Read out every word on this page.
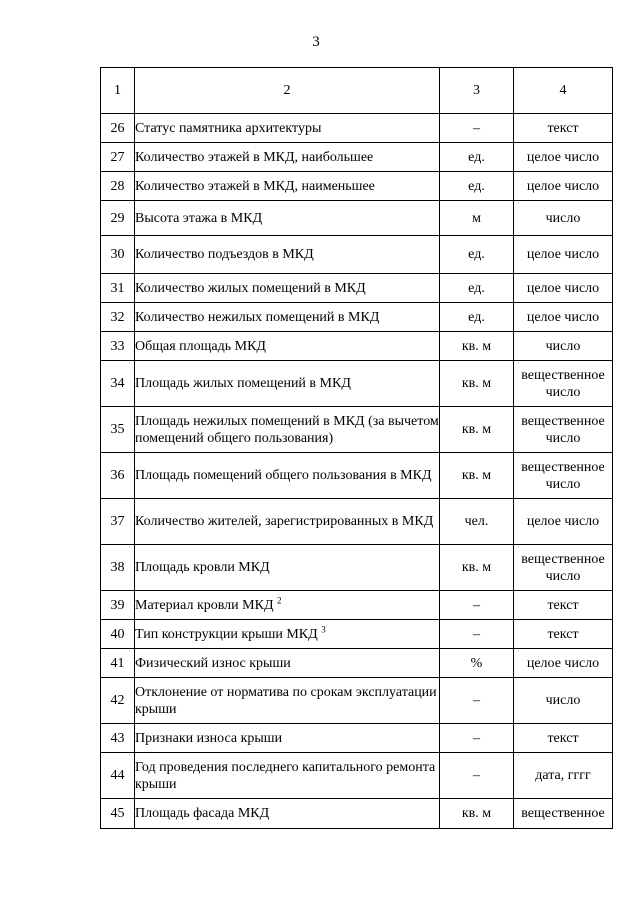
3
1	2	3	4
26	Статус памятника архитектуры	–	текст
27	Количество этажей в МКД, наибольшее	ед.	целое число
28	Количество этажей в МКД, наименьшее	ед.	целое число
29	Высота этажа в МКД	м	число
30	Количество подъездов в МКД	ед.	целое число
31	Количество жилых помещений в МКД	ед.	целое число
32	Количество нежилых помещений в МКД	ед.	целое число
33	Общая площадь МКД	кв. м	число
34	Площадь жилых помещений в МКД	кв. м	вещественное число
35	Площадь нежилых помещений в МКД (за вычетом помещений общего пользования)	кв. м	вещественное число
36	Площадь помещений общего пользования в МКД	кв. м	вещественное число
37	Количество жителей, зарегистрированных в МКД	чел.	целое число
38	Площадь кровли МКД	кв. м	вещественное число
39	Материал кровли МКД $^2$	–	текст
40	Тип конструкции крыши МКД $^3$	–	текст
41	Физический износ крыши	%	целое число
42	Отклонение от норматива по срокам эксплуатации крыши	–	число
43	Признаки износа крыши	–	текст
44	Год проведения последнего капитального ремонта крыши	–	дата, гггг
45	Площадь фасада МКД	кв. м	вещественное
